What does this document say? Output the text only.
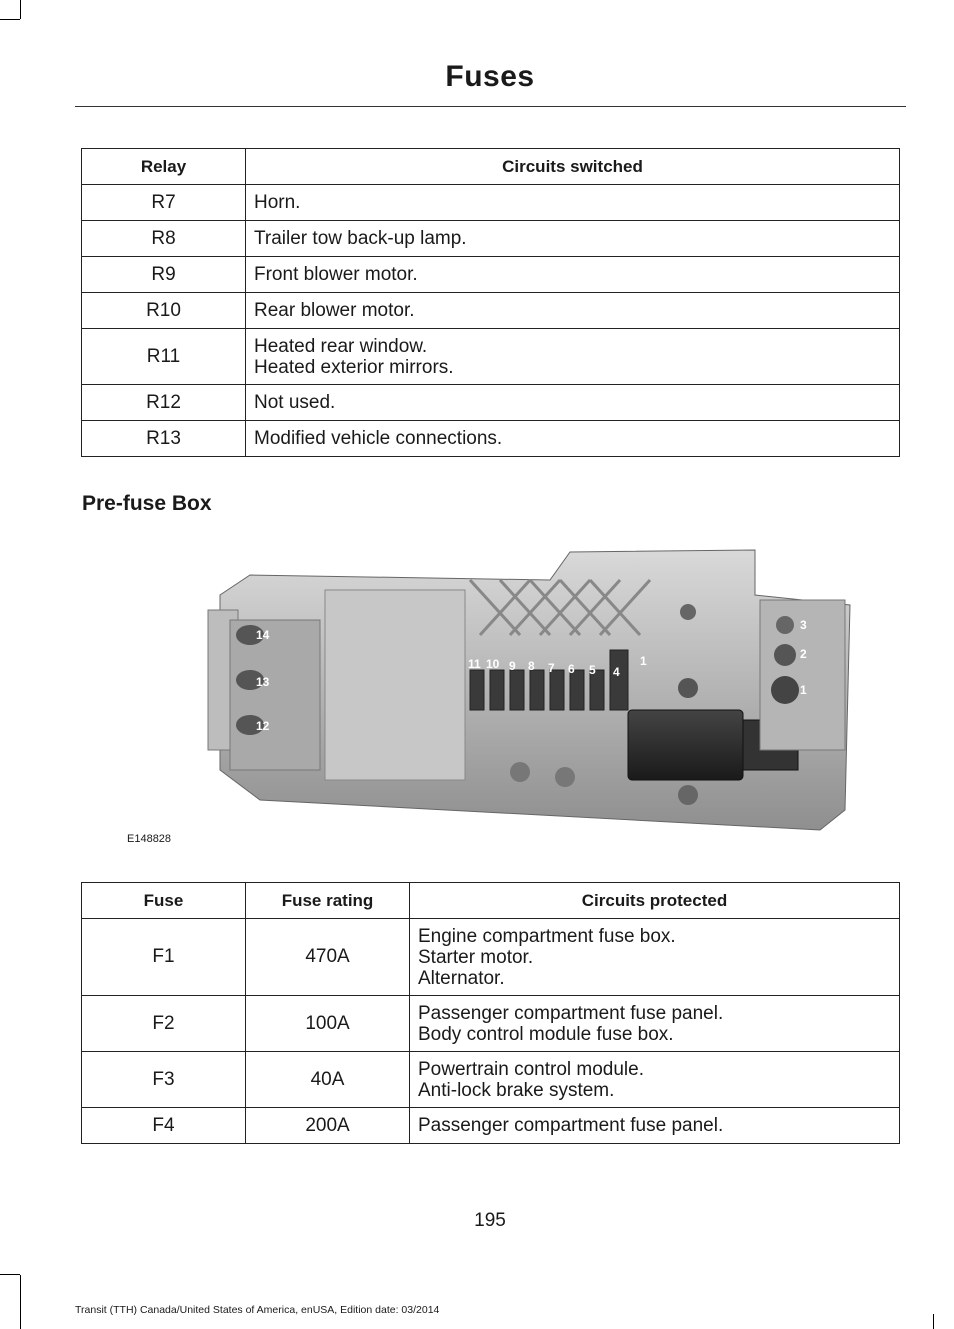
Fuses
Relay	Circuits switched
R7	Horn.

R8	Trailer tow back-up lamp.

R9	Front blower motor.

R10	Rear blower motor.

R11	Heated rear window.
Heated exterior mirrors.

R12	Not used.

R13	Modified vehicle connections.
Pre-fuse Box
14
13
12
11 10 9 8 7 6 5 4
1
3
2
1
E148828
Fuse	Fuse rating	Circuits protected
F1	470A	Engine compartment fuse box.
Starter motor.
Alternator.

F2	100A	Passenger compartment fuse panel.
Body control module fuse box.

F3	40A	Powertrain control module.
Anti-lock brake system.

F4	200A	Passenger compartment fuse panel.
195
Transit (TTH) Canada/United States of America, enUSA, Edition date: 03/2014
